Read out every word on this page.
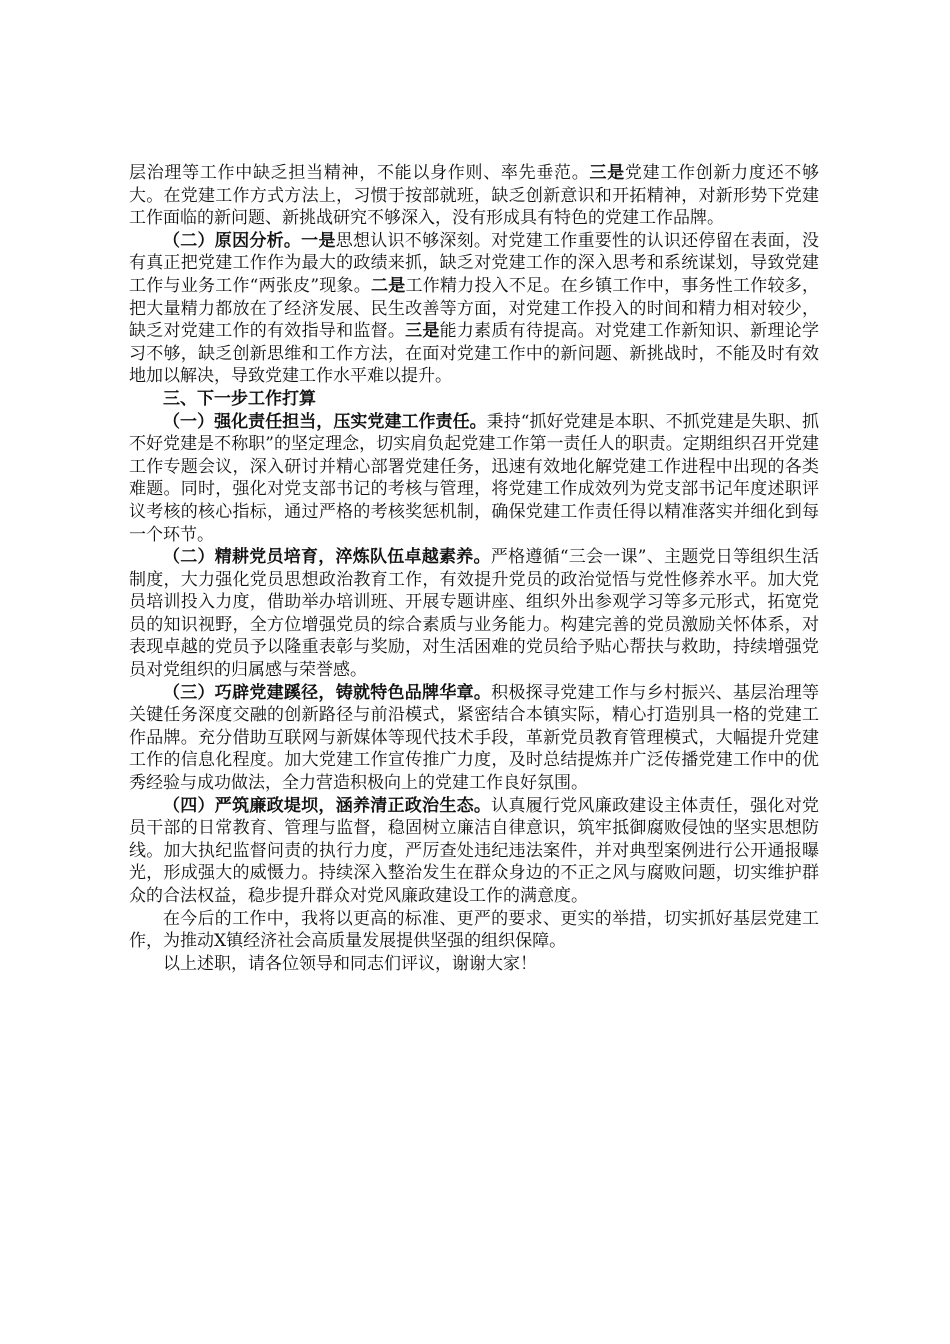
层治理等工作中缺乏担当精神，不能以身作则、率先垂范。三是党建工作创新力度还不够大。在党建工作方式方法上，习惯于按部就班，缺乏创新意识和开拓精神，对新形势下党建工作面临的新问题、新挑战研究不够深入，没有形成具有特色的党建工作品牌。

（二）原因分析。一是思想认识不够深刻。对党建工作重要性的认识还停留在表面，没有真正把党建工作作为最大的政绩来抓，缺乏对党建工作的深入思考和系统谋划，导致党建工作与业务工作“两张皮”现象。二是工作精力投入不足。在乡镇工作中，事务性工作较多，把大量精力都放在了经济发展、民生改善等方面，对党建工作投入的时间和精力相对较少，缺乏对党建工作的有效指导和监督。三是能力素质有待提高。对党建工作新知识、新理论学习不够，缺乏创新思维和工作方法，在面对党建工作中的新问题、新挑战时，不能及时有效地加以解决，导致党建工作水平难以提升。

三、下一步工作打算

（一）强化责任担当，压实党建工作责任。秉持“抓好党建是本职、不抓党建是失职、抓不好党建是不称职”的坚定理念，切实肩负起党建工作第一责任人的职责。定期组织召开党建工作专题会议，深入研讨并精心部署党建任务，迅速有效地化解党建工作进程中出现的各类难题。同时，强化对党支部书记的考核与管理，将党建工作成效列为党支部书记年度述职评议考核的核心指标，通过严格的考核奖惩机制，确保党建工作责任得以精准落实并细化到每一个环节。

（二）精耕党员培育，淬炼队伍卓越素养。严格遵循“三会一课”、主题党日等组织生活制度，大力强化党员思想政治教育工作，有效提升党员的政治觉悟与党性修养水平。加大党员培训投入力度，借助举办培训班、开展专题讲座、组织外出参观学习等多元形式，拓宽党员的知识视野，全方位增强党员的综合素质与业务能力。构建完善的党员激励关怀体系，对表现卓越的党员予以隆重表彰与奖励，对生活困难的党员给予贴心帮扶与救助，持续增强党员对党组织的归属感与荣誉感。

（三）巧辟党建蹊径，铸就特色品牌华章。积极探寻党建工作与乡村振兴、基层治理等关键任务深度交融的创新路径与前沿模式，紧密结合本镇实际，精心打造别具一格的党建工作品牌。充分借助互联网与新媒体等现代技术手段，革新党员教育管理模式，大幅提升党建工作的信息化程度。加大党建工作宣传推广力度，及时总结提炼并广泛传播党建工作中的优秀经验与成功做法，全力营造积极向上的党建工作良好氛围。

（四）严筑廉政堤坝，涵养清正政治生态。认真履行党风廉政建设主体责任，强化对党员干部的日常教育、管理与监督，稳固树立廉洁自律意识，筑牢抵御腐败侵蚀的坚实思想防线。加大执纪监督问责的执行力度，严厉查处违纪违法案件，并对典型案例进行公开通报曝光，形成强大的威慑力。持续深入整治发生在群众身边的不正之风与腐败问题，切实维护群众的合法权益，稳步提升群众对党风廉政建设工作的满意度。

在今后的工作中，我将以更高的标准、更严的要求、更实的举措，切实抓好基层党建工作，为推动X镇经济社会高质量发展提供坚强的组织保障。

以上述职，请各位领导和同志们评议，谢谢大家！
